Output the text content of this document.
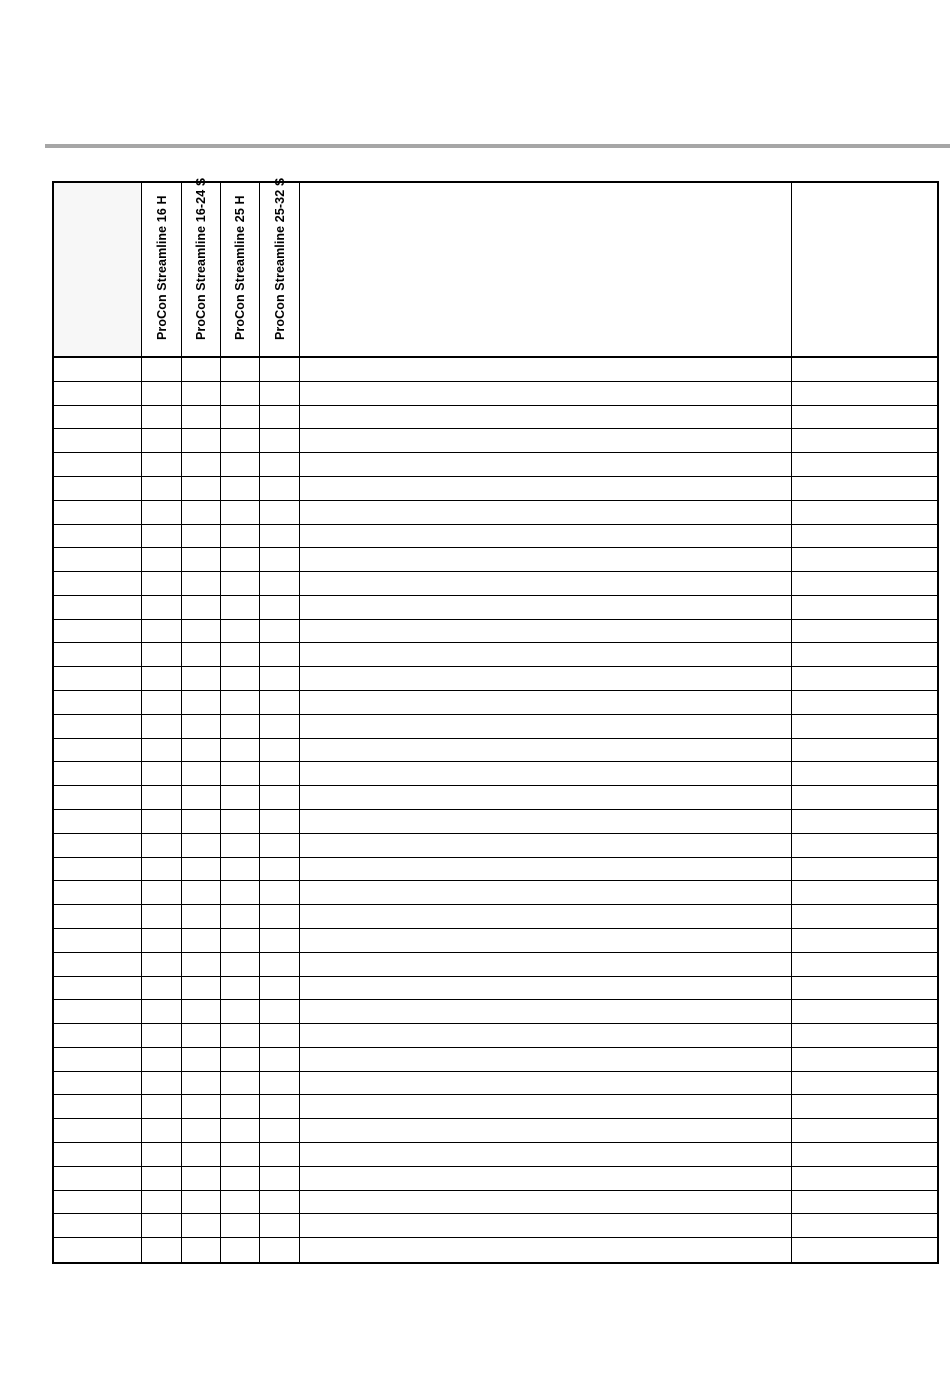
ProCon Streamline 16 H ProCon Streamline 16-24 S ProCon Streamline 25 H ProCon Streamline 25-32 S
